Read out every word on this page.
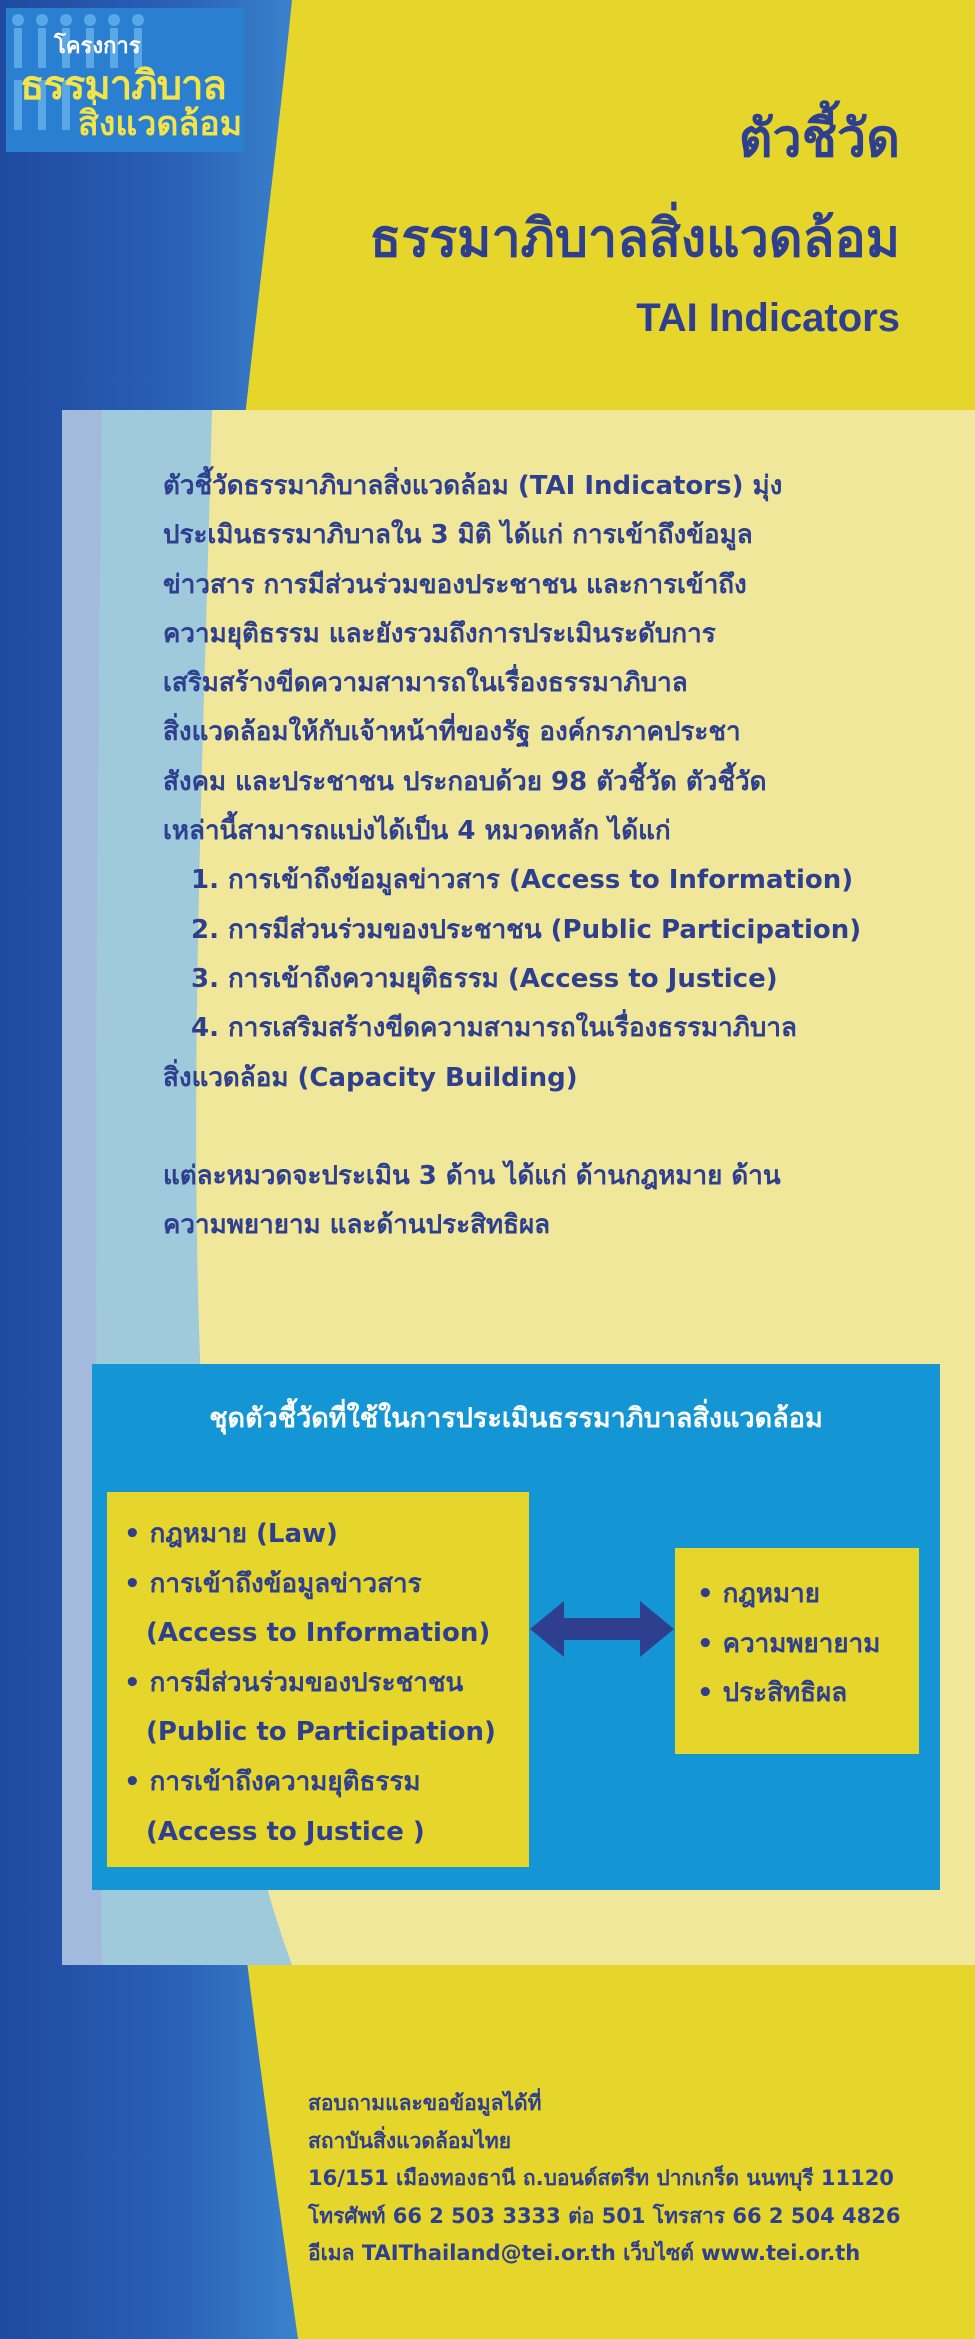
โครงการ
ธรรมาภิบาล
สิ่งแวดล้อม	ตัวชี้วัด
ธรรมาภิบาลสิ่งแวดล้อม
TAI Indicators

ตัวชี้วัดธรรมาภิบาลสิ่งแวดล้อม (TAI Indicators) มุ่ง

ประเมินธรรมาภิบาลใน 3 มิติ ได้แก่ การเข้าถึงข้อมูล

ข่าวสาร การมีส่วนร่วมของประชาชน และการเข้าถึง

ความยุติธรรม และยังรวมถึงการประเมินระดับการ

เสริมสร้างขีดความสามารถในเรื่องธรรมาภิบาล

สิ่งแวดล้อมให้กับเจ้าหน้าที่ของรัฐ องค์กรภาคประชา

สังคม และประชาชน ประกอบด้วย 98 ตัวชี้วัด ตัวชี้วัด

เหล่านี้สามารถแบ่งได้เป็น 4 หมวดหลัก ได้แก่

1. การเข้าถึงข้อมูลข่าวสาร (Access to Information)

2. การมีส่วนร่วมของประชาชน (Public Participation)

3. การเข้าถึงความยุติธรรม (Access to Justice)

4. การเสริมสร้างขีดความสามารถในเรื่องธรรมาภิบาล

สิ่งแวดล้อม (Capacity Building)

แต่ละหมวดจะประเมิน 3 ด้าน ได้แก่ ด้านกฎหมาย ด้าน

ความพยายาม และด้านประสิทธิผล

ชุดตัวชี้วัดที่ใช้ในการประเมินธรรมาภิบาลสิ่งแวดล้อม

• กฎหมาย (Law)

• การเข้าถึงข้อมูลข่าวสาร

(Access to Information)

• การมีส่วนร่วมของประชาชน

(Public to Participation)

• การเข้าถึงความยุติธรรม

(Access to Justice )

• กฎหมาย

• ความพยายาม

• ประสิทธิผล

สอบถามและขอข้อมูลได้ที่

สถาบันสิ่งแวดล้อมไทย

16/151 เมืองทองธานี ถ.บอนด์สตรีท ปากเกร็ด นนทบุรี 11120

โทรศัพท์ 66 2 503 3333 ต่อ 501 โทรสาร 66 2 504 4826

อีเมล TAIThailand@tei.or.th เว็บไซต์ www.tei.or.th
